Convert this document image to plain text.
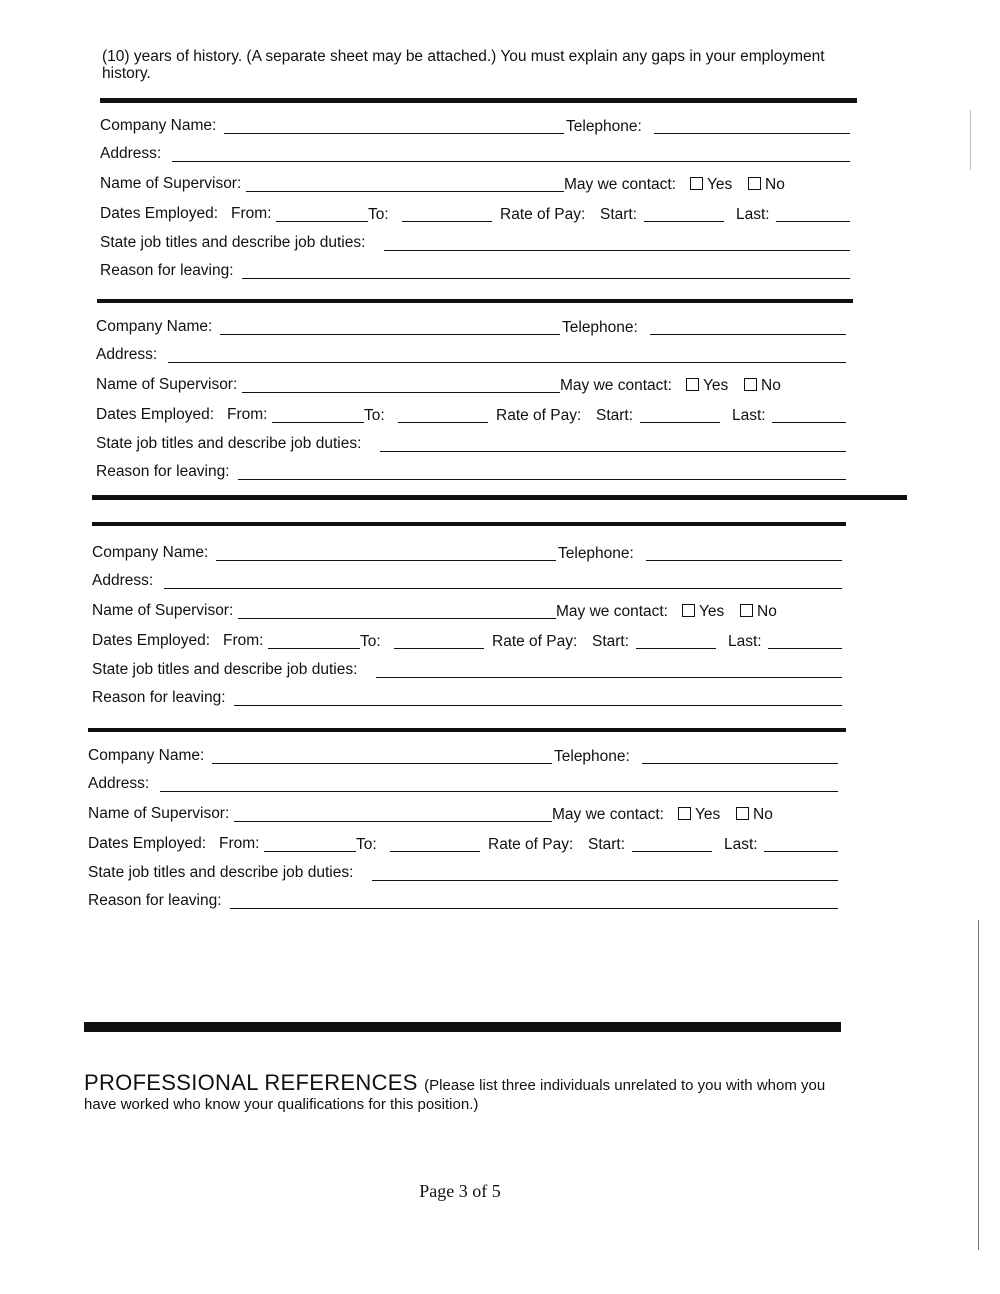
(10) years of history. (A separate sheet may be attached.) You must explain any gaps in your employment
history.
Company Name:	Telephone:
Address:
Name of Supervisor:	May we contact:	Yes	No
Dates Employed: From:	To:	Rate of Pay: Start:	Last:
State job titles and describe job duties:
Reason for leaving:
Company Name:	Telephone:
Address:
Name of Supervisor:	May we contact:	Yes	No
Dates Employed: From:	To:	Rate of Pay: Start:	Last:
State job titles and describe job duties:
Reason for leaving:
Company Name:	Telephone:
Address:
Name of Supervisor:	May we contact:	Yes	No
Dates Employed: From:	To:	Rate of Pay: Start:	Last:
State job titles and describe job duties:
Reason for leaving:
Company Name:	Telephone:
Address:
Name of Supervisor:	May we contact:	Yes	No
Dates Employed: From:	To:	Rate of Pay: Start:	Last:
State job titles and describe job duties:
Reason for leaving:
PROFESSIONAL REFERENCES (Please list three individuals unrelated to you with whom you
have worked who know your qualifications for this position.)
Page 3 of 5
